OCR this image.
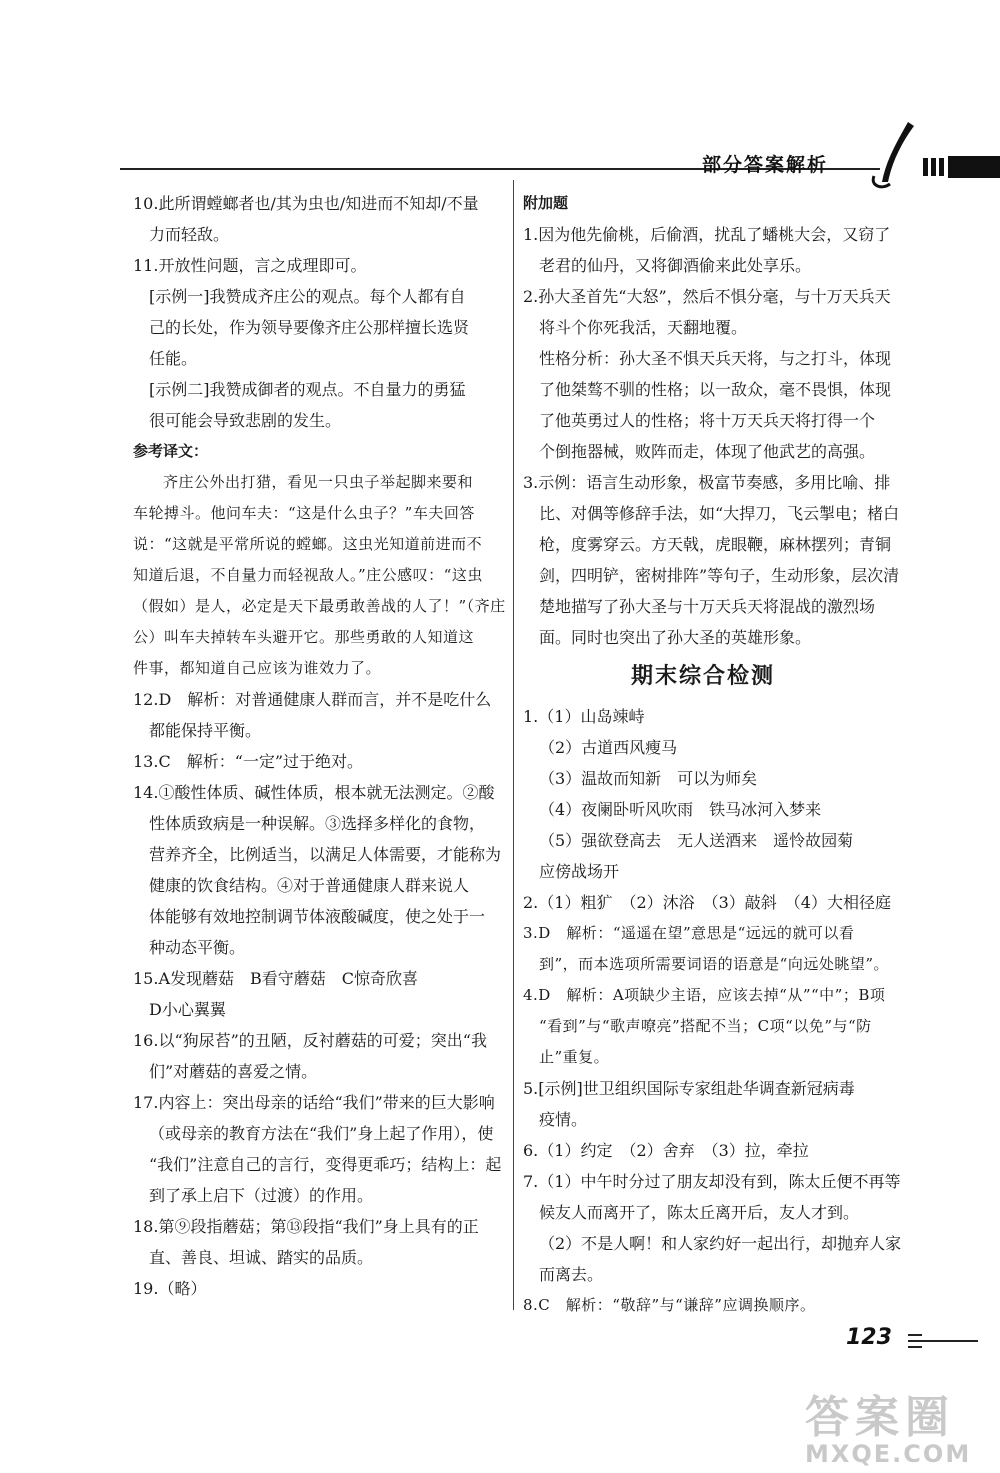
部分答案解析
10.此所谓螳螂者也/其为虫也/知进而不知却/不量
力而轻敌。
11.开放性问题，言之成理即可。
[示例一]我赞成齐庄公的观点。每个人都有自
己的长处，作为领导要像齐庄公那样擅长选贤
任能。
[示例二]我赞成御者的观点。不自量力的勇猛
很可能会导致悲剧的发生。
参考译文：
齐庄公外出打猎，看见一只虫子举起脚来要和
车轮搏斗。他问车夫：“这是什么虫子？”车夫回答
说：“这就是平常所说的螳螂。这虫光知道前进而不
知道后退，不自量力而轻视敌人。”庄公感叹：“这虫
（假如）是人，必定是天下最勇敢善战的人了！”（齐庄
公）叫车夫掉转车头避开它。那些勇敢的人知道这
件事，都知道自己应该为谁效力了。
12.D　解析：对普通健康人群而言，并不是吃什么
都能保持平衡。
13.C　解析：“一定”过于绝对。
14.①酸性体质、碱性体质，根本就无法测定。②酸
性体质致病是一种误解。③选择多样化的食物，
营养齐全，比例适当，以满足人体需要，才能称为
健康的饮食结构。④对于普通健康人群来说人
体能够有效地控制调节体液酸碱度，使之处于一
种动态平衡。
15.A发现蘑菇　B看守蘑菇　C惊奇欣喜
D小心翼翼
16.以“狗尿苔”的丑陋，反衬蘑菇的可爱；突出“我
们”对蘑菇的喜爱之情。
17.内容上：突出母亲的话给“我们”带来的巨大影响
（或母亲的教育方法在“我们”身上起了作用），使
“我们”注意自己的言行，变得更乖巧；结构上：起
到了承上启下（过渡）的作用。
18.第⑨段指蘑菇；第⑬段指“我们”身上具有的正
直、善良、坦诚、踏实的品质。
19.（略）
附加题
1.因为他先偷桃，后偷酒，扰乱了蟠桃大会，又窃了
老君的仙丹，又将御酒偷来此处享乐。
2.孙大圣首先“大怒”，然后不惧分毫，与十万天兵天
将斗个你死我活，天翻地覆。
性格分析：孙大圣不惧天兵天将，与之打斗，体现
了他桀骜不驯的性格；以一敌众，毫不畏惧，体现
了他英勇过人的性格；将十万天兵天将打得一个
个倒拖器械，败阵而走，体现了他武艺的高强。
3.示例：语言生动形象，极富节奏感，多用比喻、排
比、对偶等修辞手法，如“大捍刀，飞云掣电；楮白
枪，度雾穿云。方天戟，虎眼鞭，麻林摆列；青铜
剑，四明铲，密树排阵”等句子，生动形象，层次清
楚地描写了孙大圣与十万天兵天将混战的激烈场
面。同时也突出了孙大圣的英雄形象。
期末综合检测
1.（1）山岛竦峙
（2）古道西风瘦马
（3）温故而知新　可以为师矣
（4）夜阑卧听风吹雨　铁马冰河入梦来
（5）强欲登高去　无人送酒来　遥怜故园菊
应傍战场开
2.（1）粗犷　（2）沐浴　（3）敲斜　（4）大相径庭
3.D　解析：“遥遥在望”意思是“远远的就可以看
到”，而本选项所需要词语的语意是“向远处眺望”。
4.D　解析：A项缺少主语，应该去掉“从”“中”；B项
“看到”与“歌声嘹亮”搭配不当；C项“以免”与“防
止”重复。
5.[示例]世卫组织国际专家组赴华调查新冠病毒
疫情。
6.（1）约定　（2）舍弃　（3）拉，牵拉
7.（1）中午时分过了朋友却没有到，陈太丘便不再等
候友人而离开了，陈太丘离开后，友人才到。
（2）不是人啊！和人家约好一起出行，却抛弃人家
而离去。
8.C　解析：“敬辞”与“谦辞”应调换顺序。
123
答案圈
MXQE.COM
